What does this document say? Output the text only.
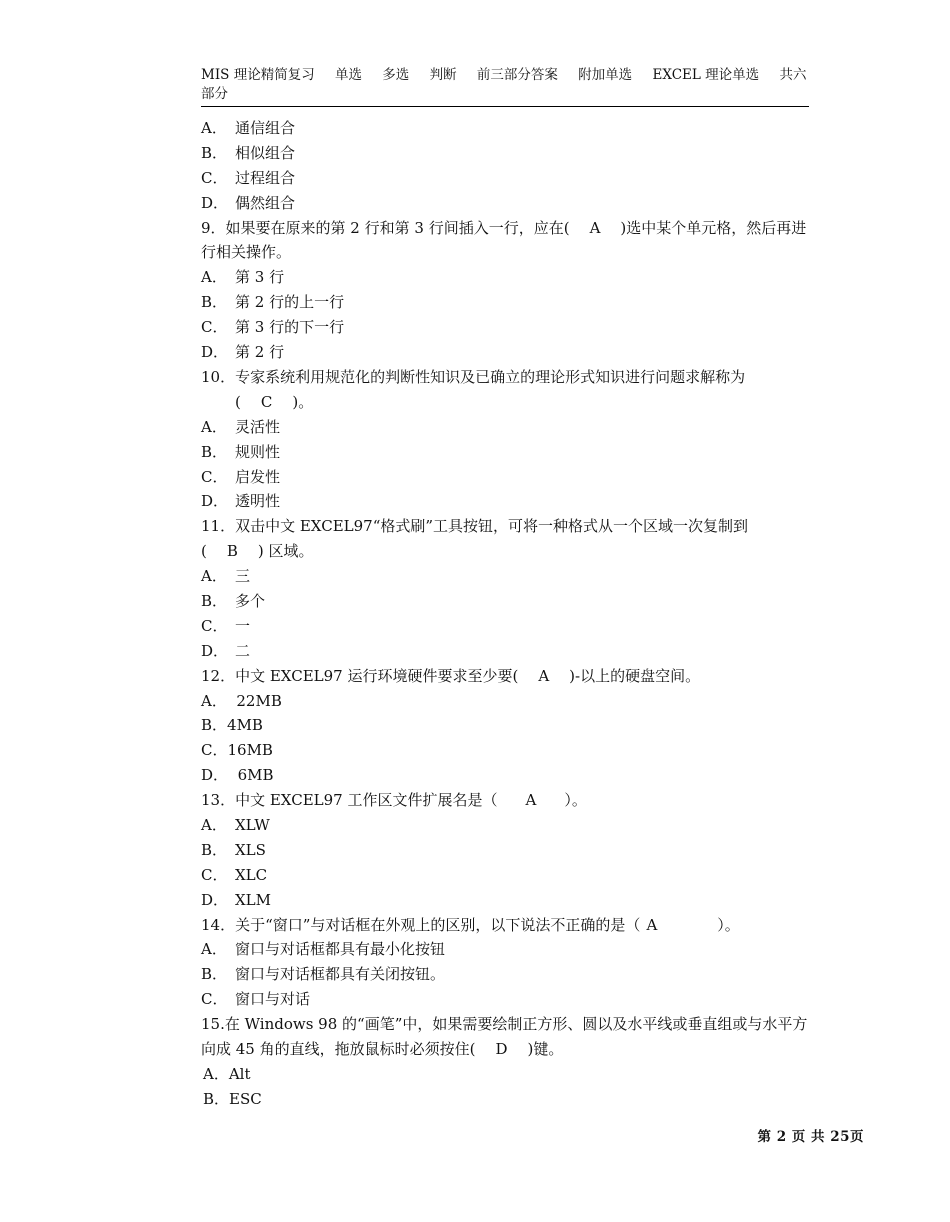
MIS 理论精简复习 单选 多选 判断 前三部分答案 附加单选 EXCEL 理论单选 共六部分
A． 通信组合
B． 相似组合
C． 过程组合
D． 偶然组合
9．如果要在原来的第 2 行和第 3 行间插入一行，应在( A )选中某个单元格，然后再进行相关操作。
A． 第 3 行
B． 第 2 行的上一行
C． 第 3 行的下一行
D． 第 2 行
10．专家系统利用规范化的判断性知识及已确立的理论形式知识进行问题求解称为
( C )。
A． 灵活性
B． 规则性
C． 启发性
D． 透明性
11．双击中文 EXCEL97“格式刷”工具按钮，可将一种格式从一个区域一次复制到
( B ) 区域。
A． 三
B． 多个
C． 一
D． 二
12．中文 EXCEL97 运行环境硬件要求至少要( A )-以上的硬盘空间。
A．  22MB
B．4MB
C．16MB
D．  6MB
13．中文 EXCEL97 工作区文件扩展名是（ A ）。
A． XLW
B． XLS
C． XLC
D． XLM
14．关于“窗口”与对话框在外观上的区别，以下说法不正确的是（ A	）。
A． 窗口与对话框都具有最小化按钮
B． 窗口与对话框都具有关闭按钮。
C． 窗口与对话
15.在 Windows 98 的“画笔”中，如果需要绘制正方形、圆以及水平线或垂直组或与水平方向成 45 角的直线，拖放鼠标时必须按住( D )键。
A．Alt
B．ESC
第 2 页 共 25页
